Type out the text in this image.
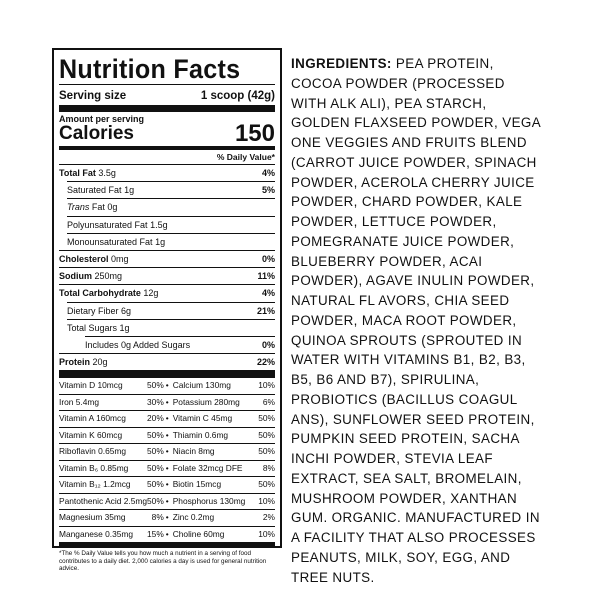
Nutrition Facts
Serving size	1 scoop (42g)
Amount per serving
Calories	150
% Daily Value*
Total Fat 3.5g	4%
Saturated Fat 1g	5%
Trans Fat 0g
Polyunsaturated Fat 1.5g
Monounsaturated Fat 1g
Cholesterol 0mg	0%
Sodium 250mg	11%
Total Carbohydrate 12g	4%
Dietary Fiber 6g	21%
Total Sugars 1g
Includes 0g Added Sugars	0%
Protein 20g	22%
Vitamin D 10mcg	50% • Calcium 130mg	10%
Iron 5.4mg	30% • Potassium 280mg	6%
Vitamin A 160mcg	20% • Vitamin C 45mg	50%
Vitamin K 60mcg	50% • Thiamin 0.6mg	50%
Riboflavin 0.65mg 50% • Niacin 8mg	50%
Vitamin B₆ 0.85mg 50% • Folate 32mcg DFE 8%
Vitamin B₁₂ 1.2mcg 50% • Biotin 15mcg	50%
Pantothenic Acid 2.5mg 50% • Phosphorus 130mg 10%
Magnesium 35mg	8% • Zinc 0.2mg	2%
Manganese 0.35mg 15% • Choline 60mg	10%
*The % Daily Value tells you how much a nutrient in a serving of food contributes to a daily diet. 2,000 calories a day is used for general nutrition advice.
INGREDIENTS: PEA PROTEIN,
COCOA POWDER (PROCESSED
WITH ALK ALI), PEA STARCH,
GOLDEN FLAXSEED POWDER, VEGA
ONE VEGGIES AND FRUITS BLEND
(CARROT JUICE POWDER, SPINACH
POWDER, ACEROLA CHERRY JUICE
POWDER, CHARD POWDER, KALE
POWDER, LETTUCE POWDER,
POMEGRANATE JUICE POWDER,
BLUEBERRY POWDER, ACAI
POWDER), AGAVE INULIN POWDER,
NATURAL FL AVORS, CHIA SEED
POWDER, MACA ROOT POWDER,
QUINOA SPROUTS (SPROUTED IN
WATER WITH VITAMINS B1, B2, B3,
B5, B6 AND B7), SPIRULINA,
PROBIOTICS (BACILLUS COAGUL
ANS), SUNFLOWER SEED PROTEIN,
PUMPKIN SEED PROTEIN, SACHA
INCHI POWDER, STEVIA LEAF
EXTRACT, SEA SALT, BROMELAIN,
MUSHROOM POWDER, XANTHAN
GUM. ORGANIC. MANUFACTURED IN
A FACILITY THAT ALSO PROCESSES
PEANUTS, MILK, SOY, EGG, AND
TREE NUTS.
